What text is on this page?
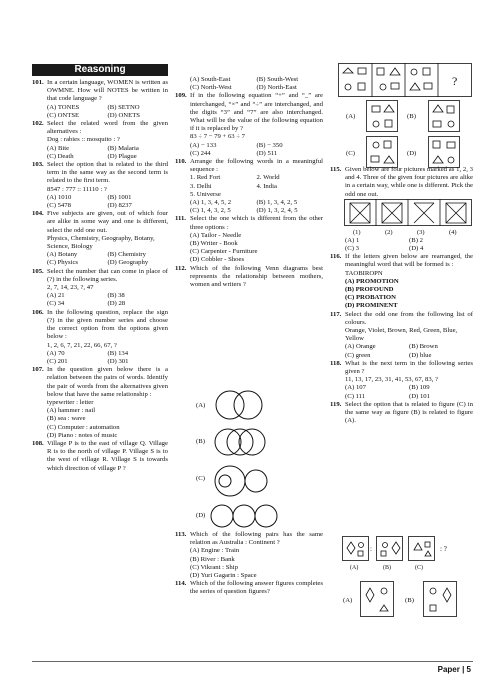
Reasoning
101. In a certain language, WOMEN is written as OWMNE. How will NOTES be written in that code language ?
(A) TONES	(B) SETNO
(C) ONTSE	(D) ONETS
102. Select the related word from the given alternatives :
Dog : rabies :: mosquito : ?
(A) Bite	(B) Malaria
(C) Death	(D) Plague
103. Select the option that is related to the third term in the same way as the second term is related to the first term.
8547 : 777 :: 11110 : ?
(A) 1010	(B) 1001
(C) 5478	(D) 8237
104. Five subjects are given, out of which four are alike in some way and one is different, select the odd one out.
Physics, Chemistry, Geography, Botany, Science, Biology
(A) Botany	(B) Chemistry
(C) Physics	(D) Geography
105. Select the number that can come in place of (?) in the following series.
2, 7, 14, 23, ?, 47
(A) 21	(B) 38
(C) 34	(D) 28
106. In the following question, replace the sign (?) in the given number series and choose the correct option from the options given below :
1, 2, 6, 7, 21, 22, 66, 67, ?
(A) 70	(B) 134
(C) 201	(D) 301
107. In the question given below there is a relation between the pairs of words. Identify the pair of words from the alternatives given below that have the same relationship :
typewriter : letter
(A) hammer : nail
(B) sea : wave
(C) Computer : automation
(D) Piano : notes of music
108. Village P is to the east of village Q. Village R is to the north of village P. Village S is to the west of village R. Village S is towards which direction of village P ?
(A) South-East	(B) South-West
(C) North-West	(D) North-East
109. If in the following equation “+” and “_” are interchanged, “×” and “÷” are interchanged, and the digits “3” and “7” are also interchanged. What will be the value of the following equation if it is replaced by ?
83 ÷ 7 − 79 + 63 ÷ 7
(A) − 133	(B) − 350
(C) 244	(D) 511
110. Arrange the following words in a meaningful sequence :
1. Red Fort	2. World
3. Delhi	4. India
5. Universe
(A) 1, 3, 4, 5, 2	(B) 1, 3, 4, 2, 5
(C) 1, 4, 3, 2, 5	(D) 1, 3, 2, 4, 5
111. Select the one which is different from the other three options :
(A) Tailor - Needle
(B) Writer - Book
(C) Carpenter - Furniture
(D) Cobbler - Shoes
112. Which of the following Venn diagrams best represents the relationship between mothers, women and writers ?
(A)
(B)
(C)
(D)
113. Which of the following pairs has the same relation as Australia : Continent ?
(A) Engine : Train
(B) River : Bank
(C) Vikrant : Ship
(D) Yuri Gagarin : Space
114. Which of the following answer figures completes the series of question figures?
?
(A)	(B)
(C)	(D)
115. Given below are four pictures marked as 1, 2, 3 and 4. Three of the given four pictures are alike in a certain way, while one is different. Pick the odd one out.
(1)	(2)	(3)	(4)
(A) 1	(B) 2
(C) 3	(D) 4
116. If the letters given below are rearranged, the meaningful word that will be formed is :
TAOBIROPN
(A) PROMOTION
(B) PROFOUND
(C) PROBATION
(D) PROMINENT
117. Select the odd one from the following list of colours.
Orange, Violet, Brown, Red, Green, Blue, Yellow
(A) Orange	(B) Brown
(C) green	(D) blue
118. What is the next term in the following series given ?
11, 13, 17, 23, 31, 41, 53, 67, 83, ?
(A) 107	(B) 109
(C) 111	(D) 101
119. Select the option that is related to figure (C) in the same way as figure (B) is related to figure (A).
:	: ?
(A)	(B)	(C)
(A)	(B)
Paper | 5
